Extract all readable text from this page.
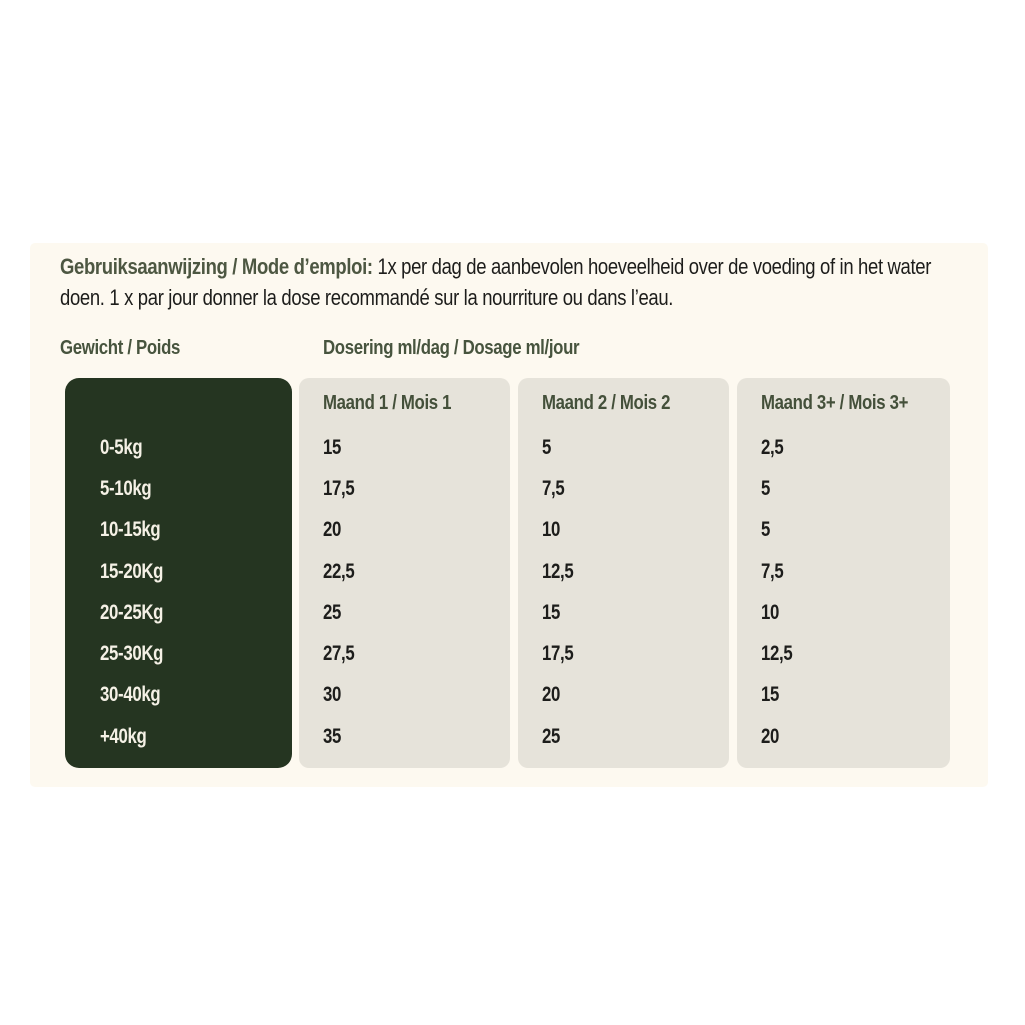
Gebruiksaanwijzing / Mode d’emploi: 1x per dag de aanbevolen hoeveelheid over de voeding of in het water
doen. 1 x par jour donner la dose recommandé sur la nourriture ou dans l’eau.
Gewicht / Poids	Dosering ml/dag / Dosage ml/jour
0-5kg
5-10kg
10-15kg
15-20Kg
20-25Kg
25-30Kg
30-40kg
+40kg
Maand 1 / Mois 1
15
17,5
20
22,5
25
27,5
30
35
Maand 2 / Mois 2
5
7,5
10
12,5
15
17,5
20
25
Maand 3+ / Mois 3+
2,5
5
5
7,5
10
12,5
15
20
